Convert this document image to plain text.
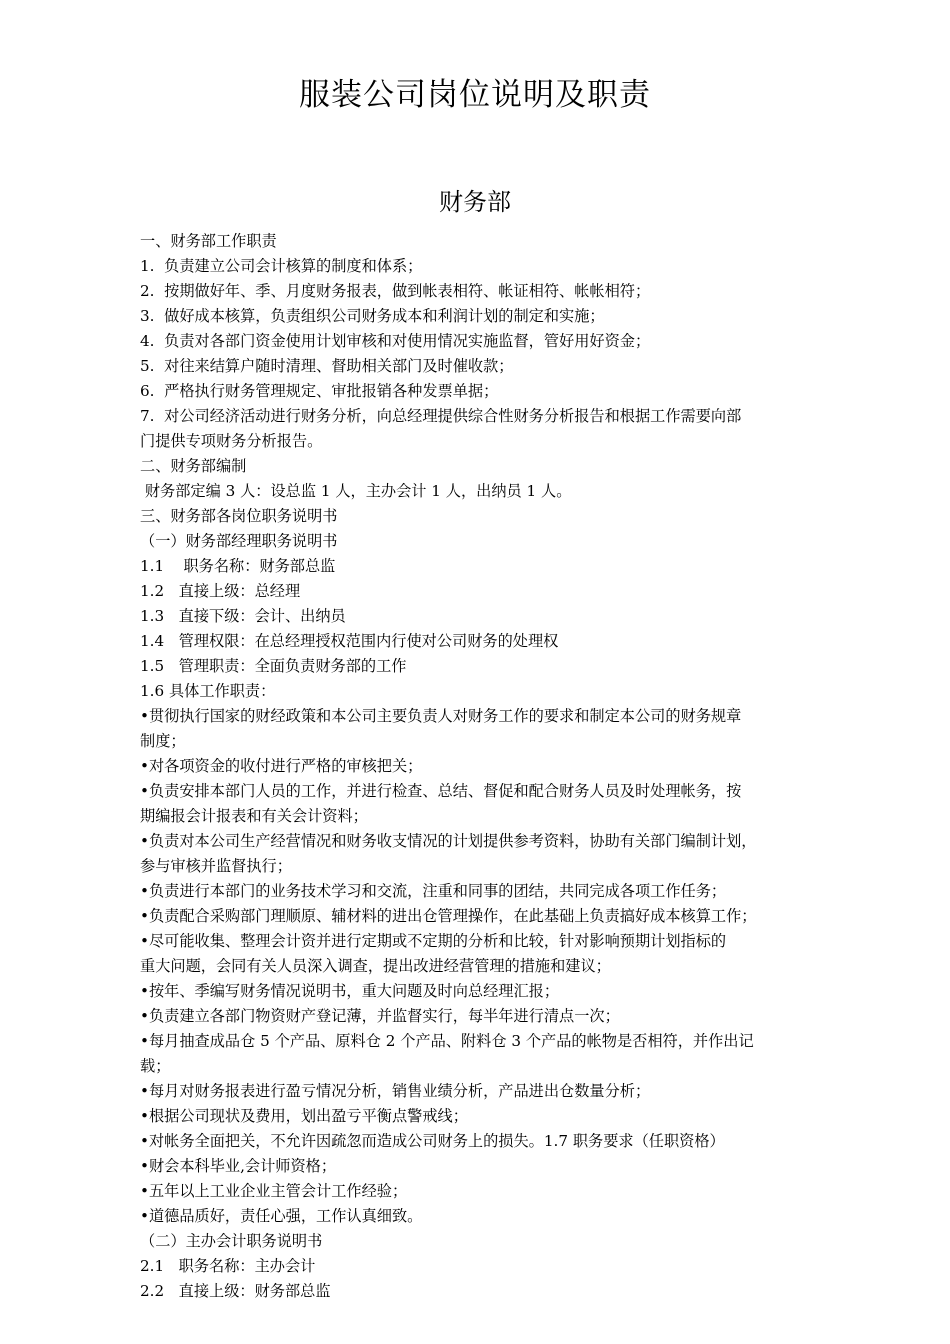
服装公司岗位说明及职责
财务部
一、财务部工作职责
1.  负责建立公司会计核算的制度和体系；
2.  按期做好年、季、月度财务报表，做到帐表相符、帐证相符、帐帐相符；
3.  做好成本核算，负责组织公司财务成本和利润计划的制定和实施；
4.  负责对各部门资金使用计划审核和对使用情况实施监督，管好用好资金；
5.  对往来结算户随时清理、督助相关部门及时催收款；
6.  严格执行财务管理规定、审批报销各种发票单据；
7.  对公司经济活动进行财务分析，向总经理提供综合性财务分析报告和根据工作需要向部
门提供专项财务分析报告。
二、财务部编制
财务部定编 3 人：设总监 1 人，主办会计 1 人，出纳员 1 人。
三、财务部各岗位职务说明书
（一）财务部经理职务说明书
1.1    职务名称：财务部总监
1.2   直接上级：总经理
1.3   直接下级：会计、出纳员
1.4   管理权限：在总经理授权范围内行使对公司财务的处理权
1.5   管理职责：全面负责财务部的工作
1.6 具体工作职责：
•贯彻执行国家的财经政策和本公司主要负责人对财务工作的要求和制定本公司的财务规章
制度；
•对各项资金的收付进行严格的审核把关；
•负责安排本部门人员的工作，并进行检查、总结、督促和配合财务人员及时处理帐务，按
期编报会计报表和有关会计资料；
•负责对本公司生产经营情况和财务收支情况的计划提供参考资料，协助有关部门编制计划，
参与审核并监督执行；
•负责进行本部门的业务技术学习和交流，注重和同事的团结，共同完成各项工作任务；
•负责配合采购部门理顺原、辅材料的进出仓管理操作，在此基础上负责搞好成本核算工作；
•尽可能收集、整理会计资并进行定期或不定期的分析和比较，针对影响预期计划指标的
重大问题，会同有关人员深入调查，提出改进经营管理的措施和建议；
•按年、季编写财务情况说明书，重大问题及时向总经理汇报；
•负责建立各部门物资财产登记薄，并监督实行，每半年进行清点一次；
•每月抽查成品仓 5 个产品、原料仓 2 个产品、附料仓 3 个产品的帐物是否相符，并作出记
载；
•每月对财务报表进行盈亏情况分析，销售业绩分析，产品进出仓数量分析；
•根据公司现状及费用，划出盈亏平衡点警戒线；
•对帐务全面把关，不允许因疏忽而造成公司财务上的损失。1.7 职务要求（任职资格）
•财会本科毕业,会计师资格；
•五年以上工业企业主管会计工作经验；
•道德品质好，责任心强，工作认真细致。
（二）主办会计职务说明书
2.1   职务名称：主办会计
2.2   直接上级：财务部总监
